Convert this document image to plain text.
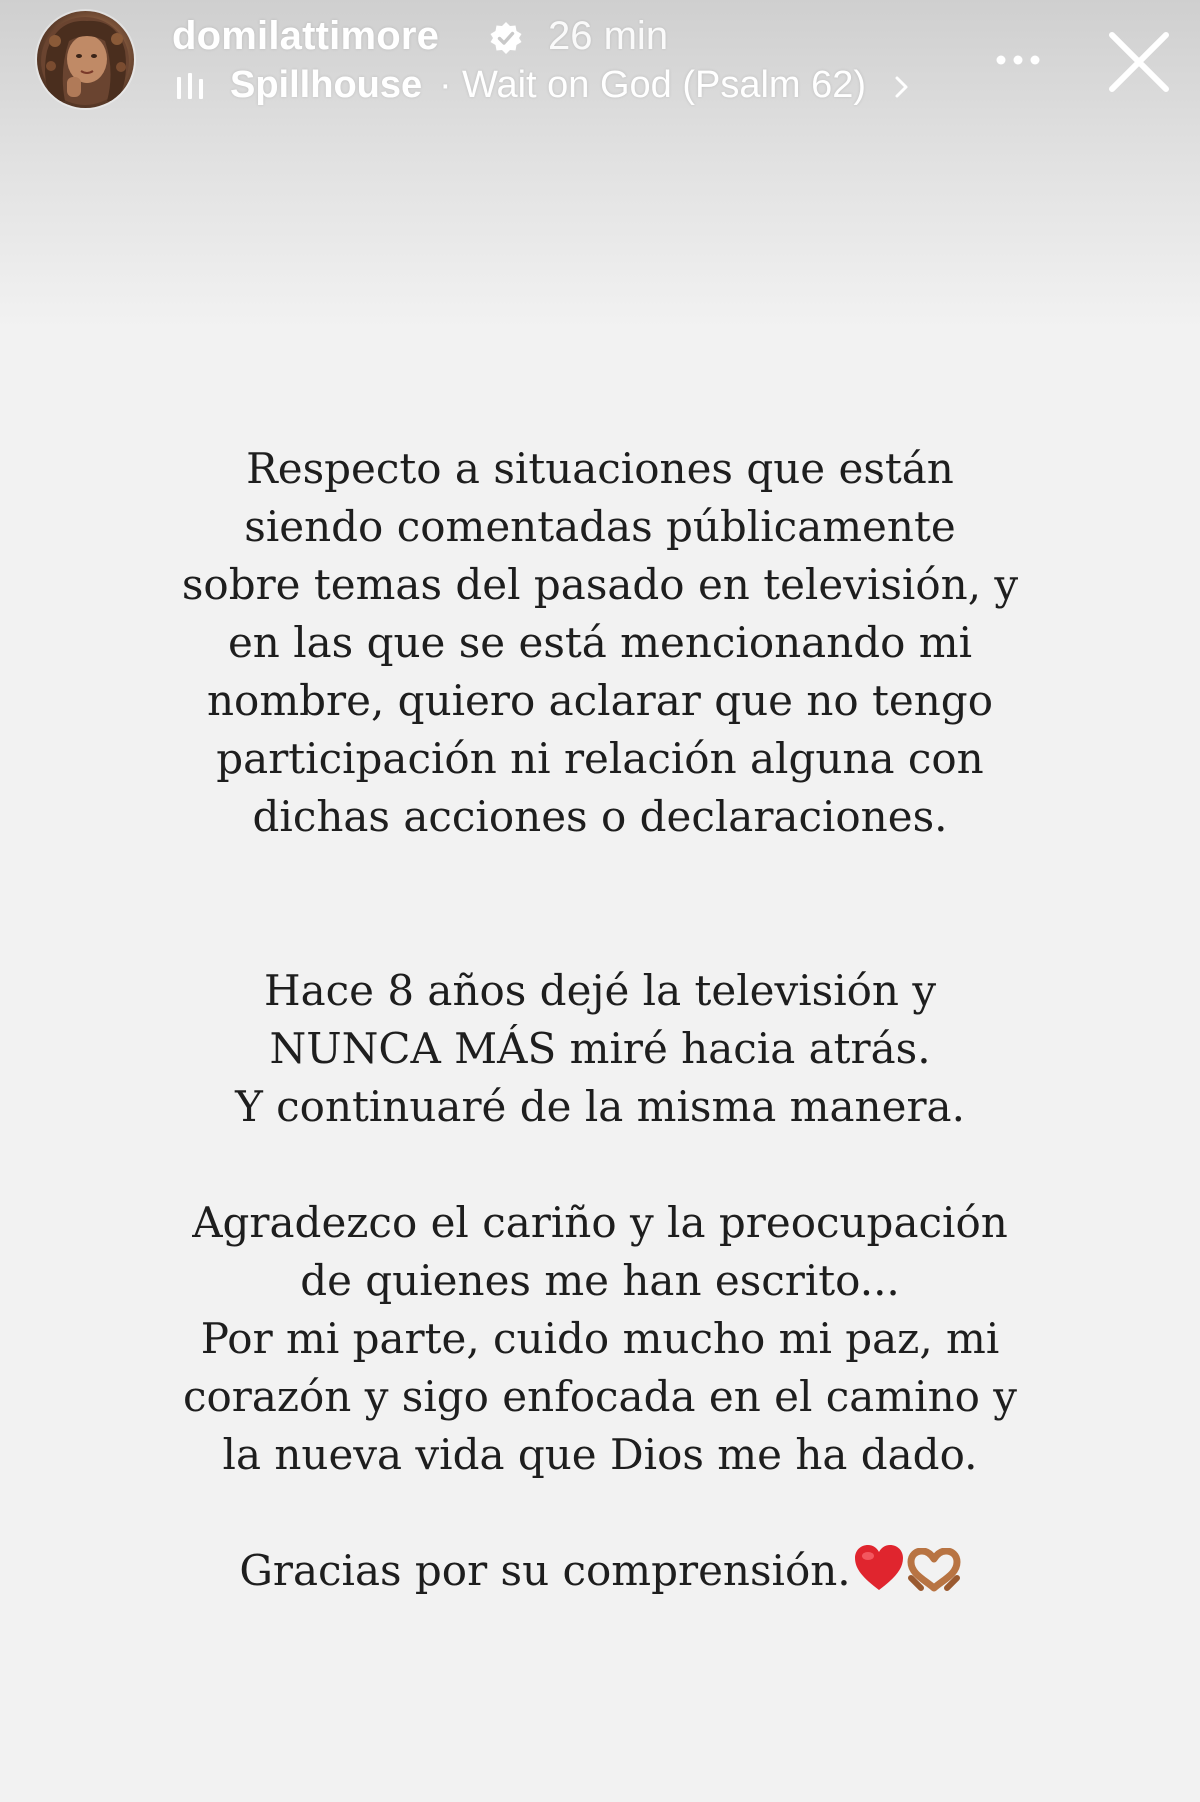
domilattimore	26 min
Spillhouse · Wait on God (Psalm 62)
Respecto a situaciones que están
siendo comentadas públicamente
sobre temas del pasado en televisión, y
en las que se está mencionando mi
nombre, quiero aclarar que no tengo
participación ni relación alguna con
dichas acciones o declaraciones.
Hace 8 años dejé la televisión y
NUNCA MÁS miré hacia atrás.
Y continuaré de la misma manera.
Agradezco el cariño y la preocupación
de quienes me han escrito...
Por mi parte, cuido mucho mi paz, mi
corazón y sigo enfocada en el camino y
la nueva vida que Dios me ha dado.
Gracias por su comprensión.
